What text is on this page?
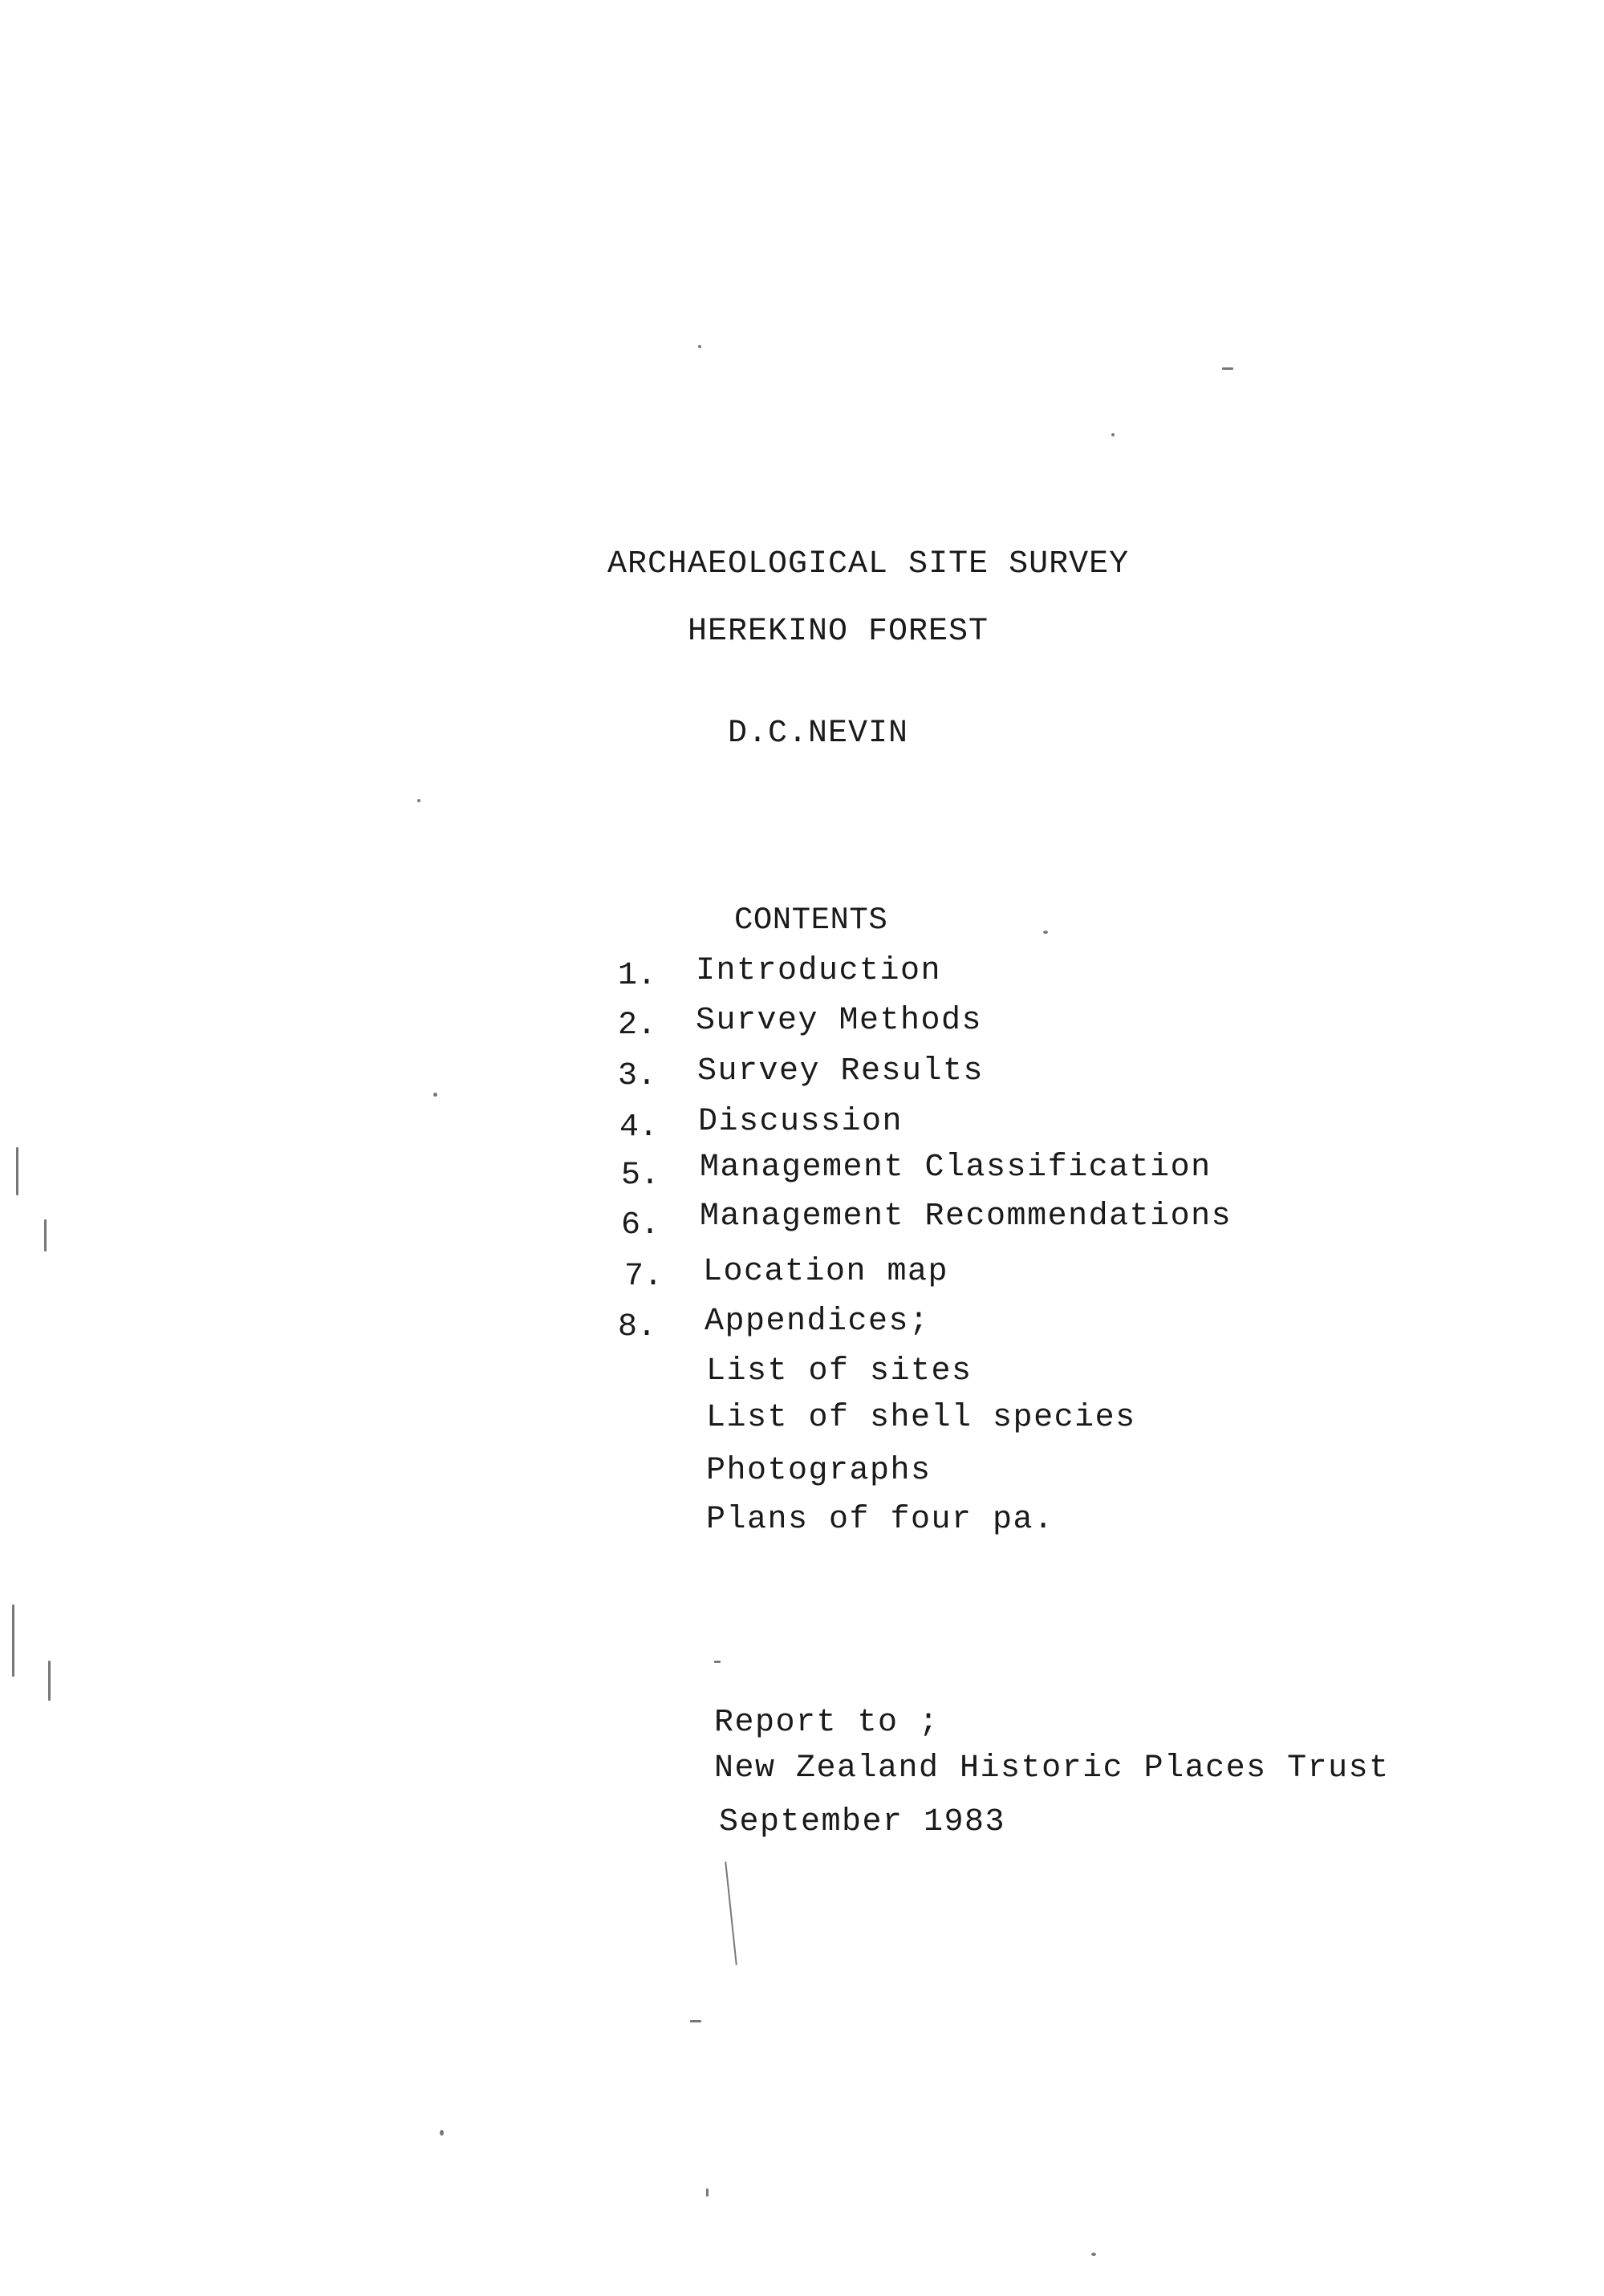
ARCHAEOLOGICAL SITE SURVEY
HEREKINO FOREST
D.C.NEVIN
CONTENTS
1. Introduction
2. Survey Methods
3. Survey Results
4. Discussion
5. Management Classification
6. Management Recommendations
7. Location map
8. Appendices;
List of sites
List of shell species
Photographs
Plans of four pa.
Report to ;
New Zealand Historic Places Trust
September 1983
